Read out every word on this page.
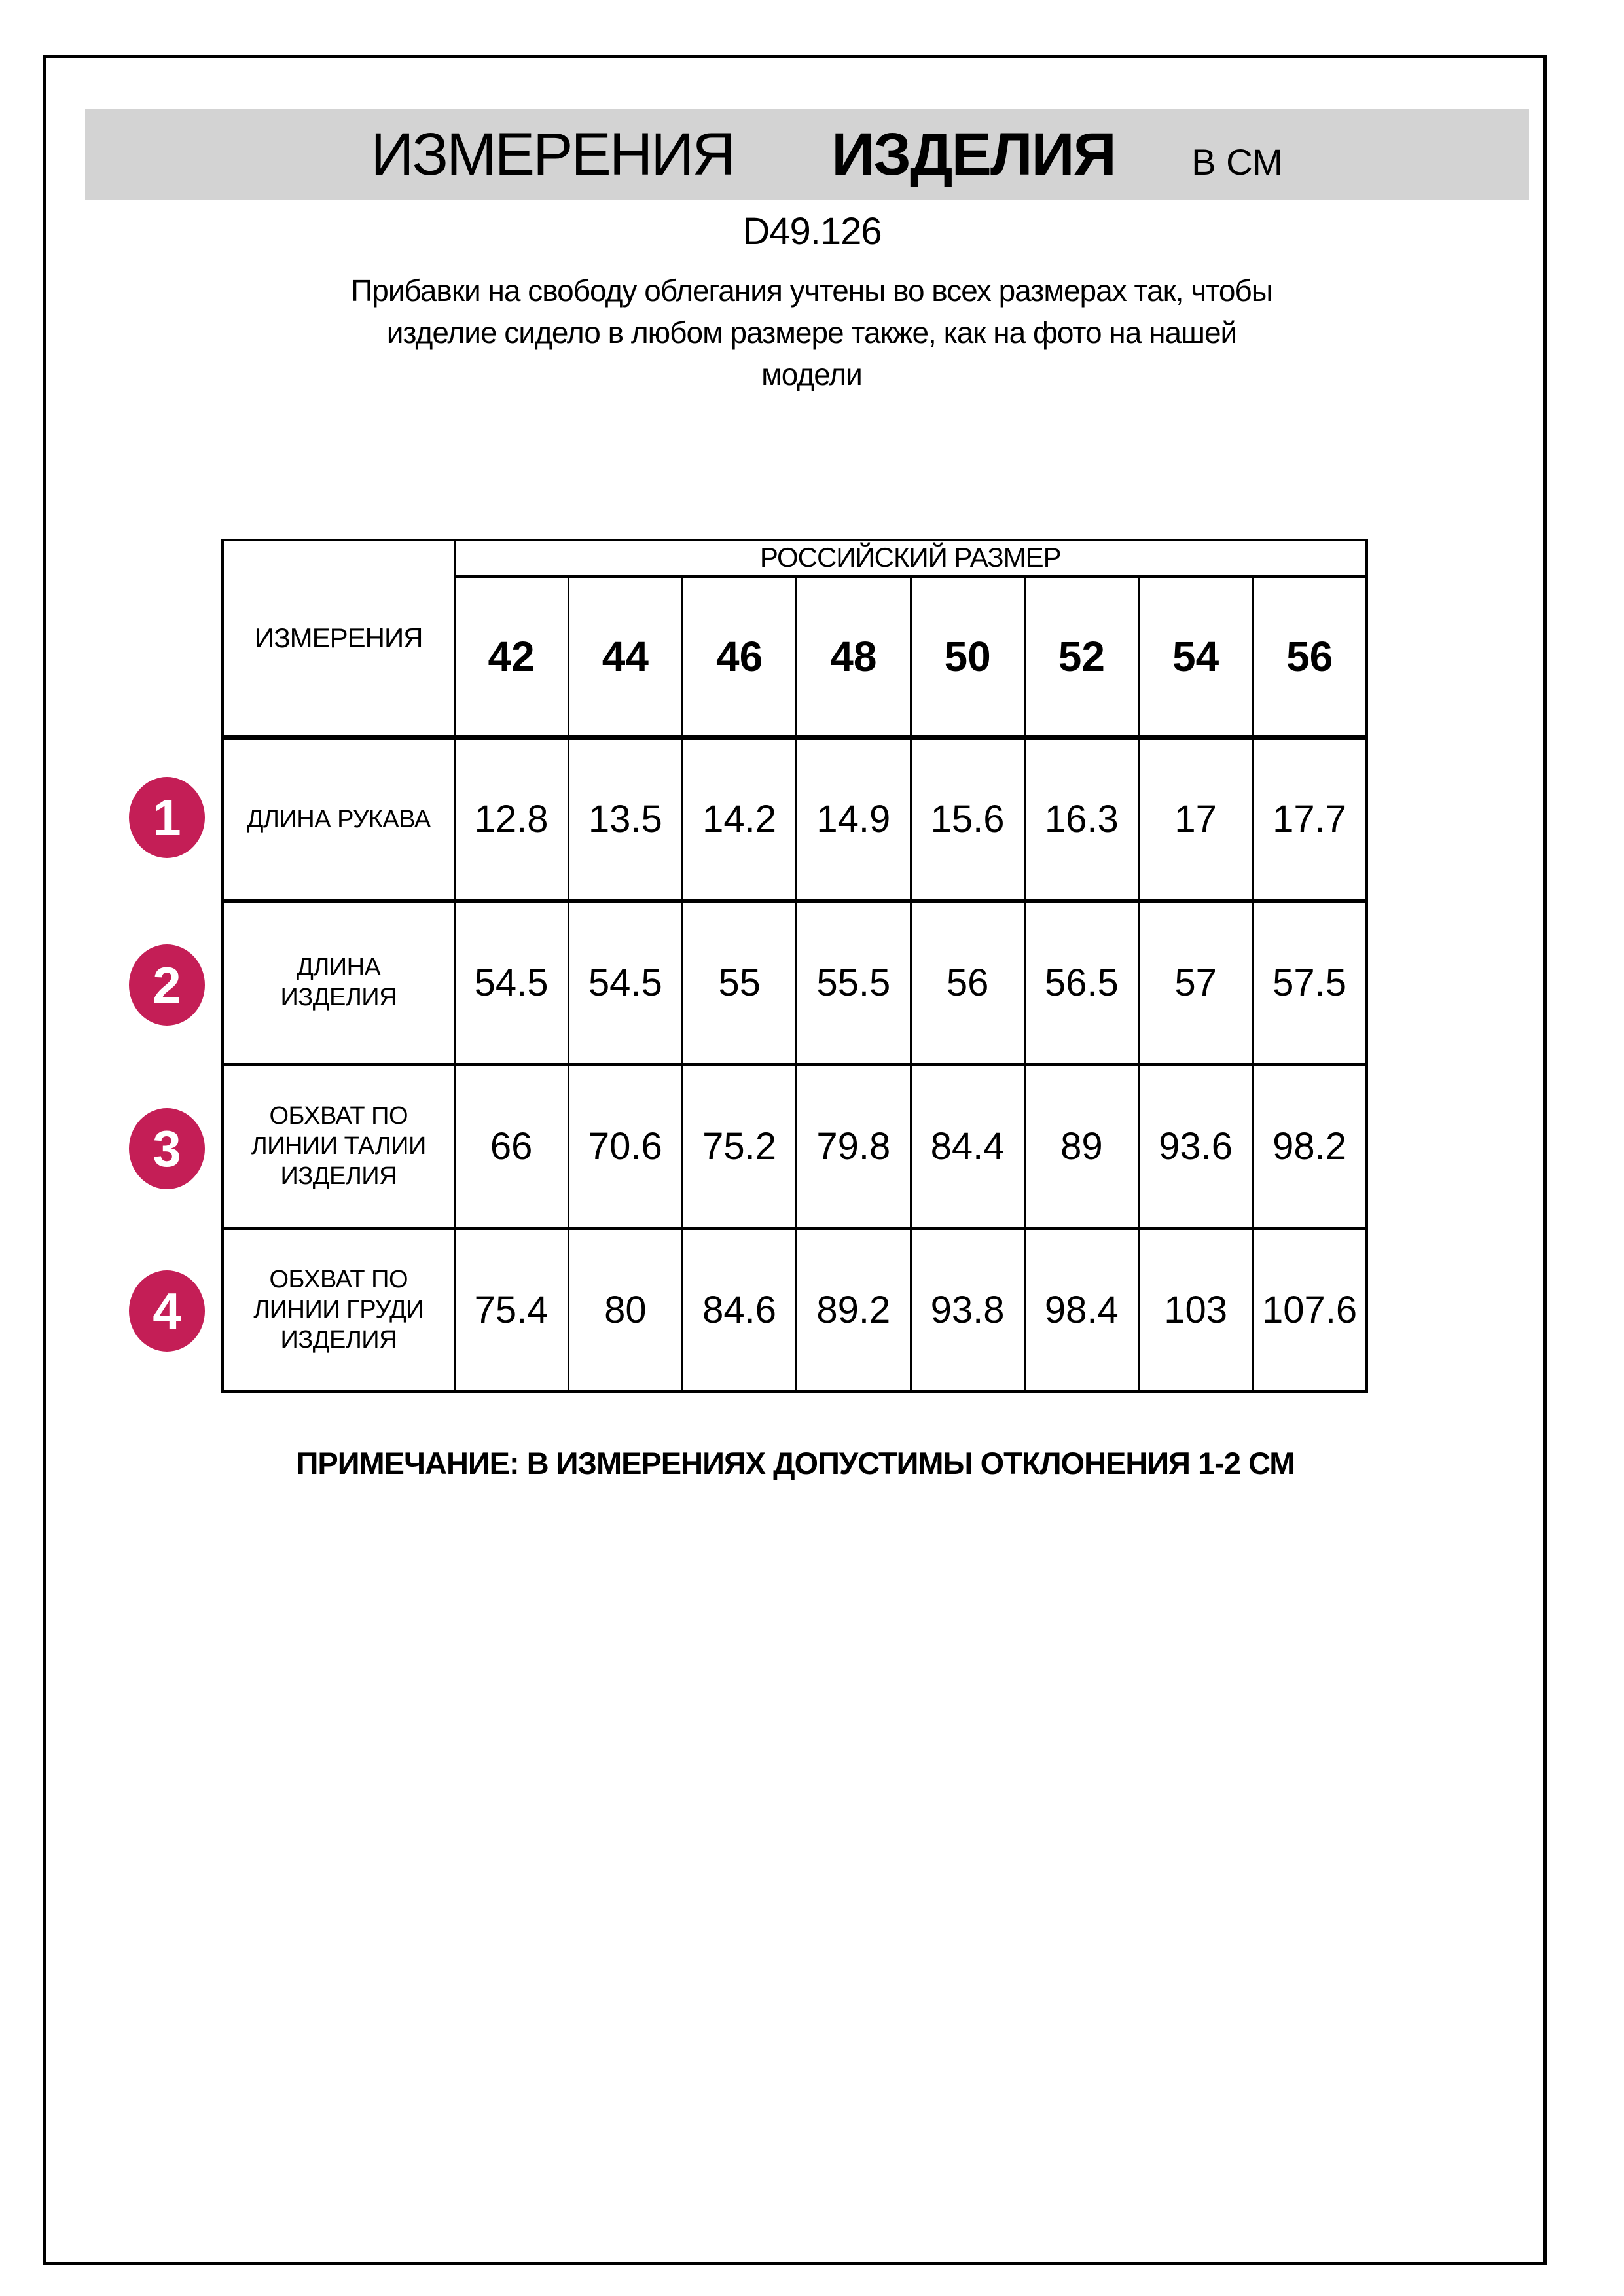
ИЗМЕРЕНИЯ ИЗДЕЛИЯ В СМ
D49.126
Прибавки на свободу облегания учтены во всех размерах так, чтобы
изделие сидело в любом размере также, как на фото на нашей
модели
ИЗМЕРЕНИЯ	РОССИЙСКИЙ РАЗМЕР							
	42	44	46	48	50	52	54	56

ДЛИНА РУКАВА	12.8	13.5	14.2	14.9	15.6	16.3	17	17.7

ДЛИНА
ИЗДЕЛИЯ	54.5	54.5	55	55.5	56	56.5	57	57.5

ОБХВАТ ПО
ЛИНИИ ТАЛИИ
ИЗДЕЛИЯ	66	70.6	75.2	79.8	84.4	89	93.6	98.2

ОБХВАТ ПО
ЛИНИИ ГРУДИ
ИЗДЕЛИЯ	75.4	80	84.6	89.2	93.8	98.4	103	107.6
1
2
3
4
ПРИМЕЧАНИЕ: В ИЗМЕРЕНИЯХ ДОПУСТИМЫ ОТКЛОНЕНИЯ 1-2 СМ
